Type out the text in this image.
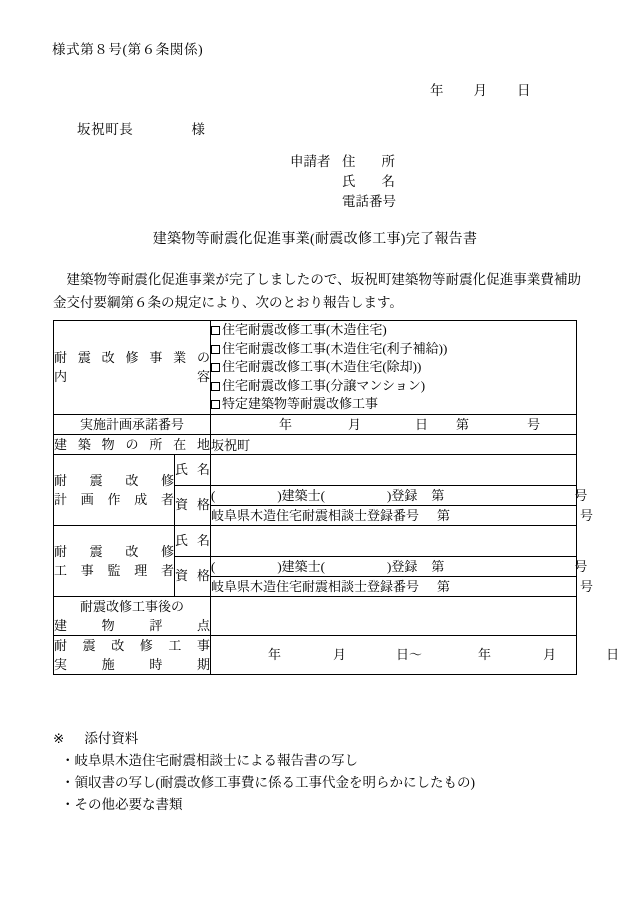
様式第８号(第６条関係)
年 月 日
坂祝町長	様
申請者 住 所
氏 名
電話番号
建築物等耐震化促進事業(耐震改修工事)完了報告書
建築物等耐震化促進事業が完了しましたので、坂祝町建築物等耐震化促進事業費補助金交付要綱第６条の規定により、次のとおり報告します。
耐震改修事業の
内容		住宅耐震改修工事(木造住宅)
住宅耐震改修工事(木造住宅(利子補給))
住宅耐震改修工事(木造住宅(除却))
住宅耐震改修工事(分譲マンション)
特定建築物等耐震改修工事

実施計画承諾番号		年 月 日 第 号

建築物の所在地		坂祝町

耐震改修
計画作成者	氏名	

	資格	( )建築士( )登録 第 号
		岐阜県木造住宅耐震相談士登録番号 第 号

耐震改修
工事監理者	氏名	

	資格	( )建築士( )登録 第 号
		岐阜県木造住宅耐震相談士登録番号 第 号

耐震改修工事後の
建物評点		

耐震改修工事
実施時期		年 月 日～ 年 月 日
※ 添付資料
・岐阜県木造住宅耐震相談士による報告書の写し
・領収書の写し(耐震改修工事費に係る工事代金を明らかにしたもの)
・その他必要な書類
